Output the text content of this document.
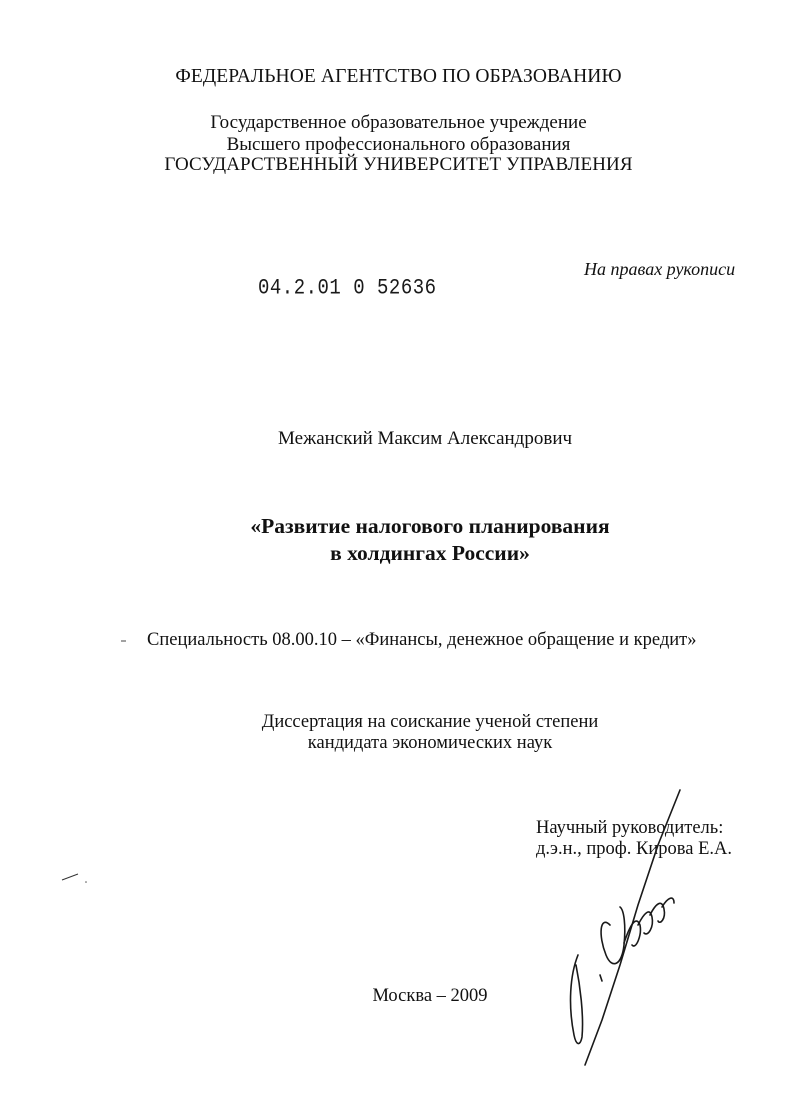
ФЕДЕРАЛЬНОЕ АГЕНТСТВО ПО ОБРАЗОВАНИЮ
Государственное образовательное учреждение
Высшего профессионального образования
ГОСУДАРСТВЕННЫЙ УНИВЕРСИТЕТ УПРАВЛЕНИЯ
На правах рукописи
04.2.01 0 52636
Межанский Максим Александрович
«Развитие налогового планирования
в холдингах России»
Специальность 08.00.10 – «Финансы, денежное обращение и кредит»
Диссертация на соискание ученой степени
кандидата экономических наук
Научный руководитель:
д.э.н., проф. Кирова Е.А.
Москва – 2009
